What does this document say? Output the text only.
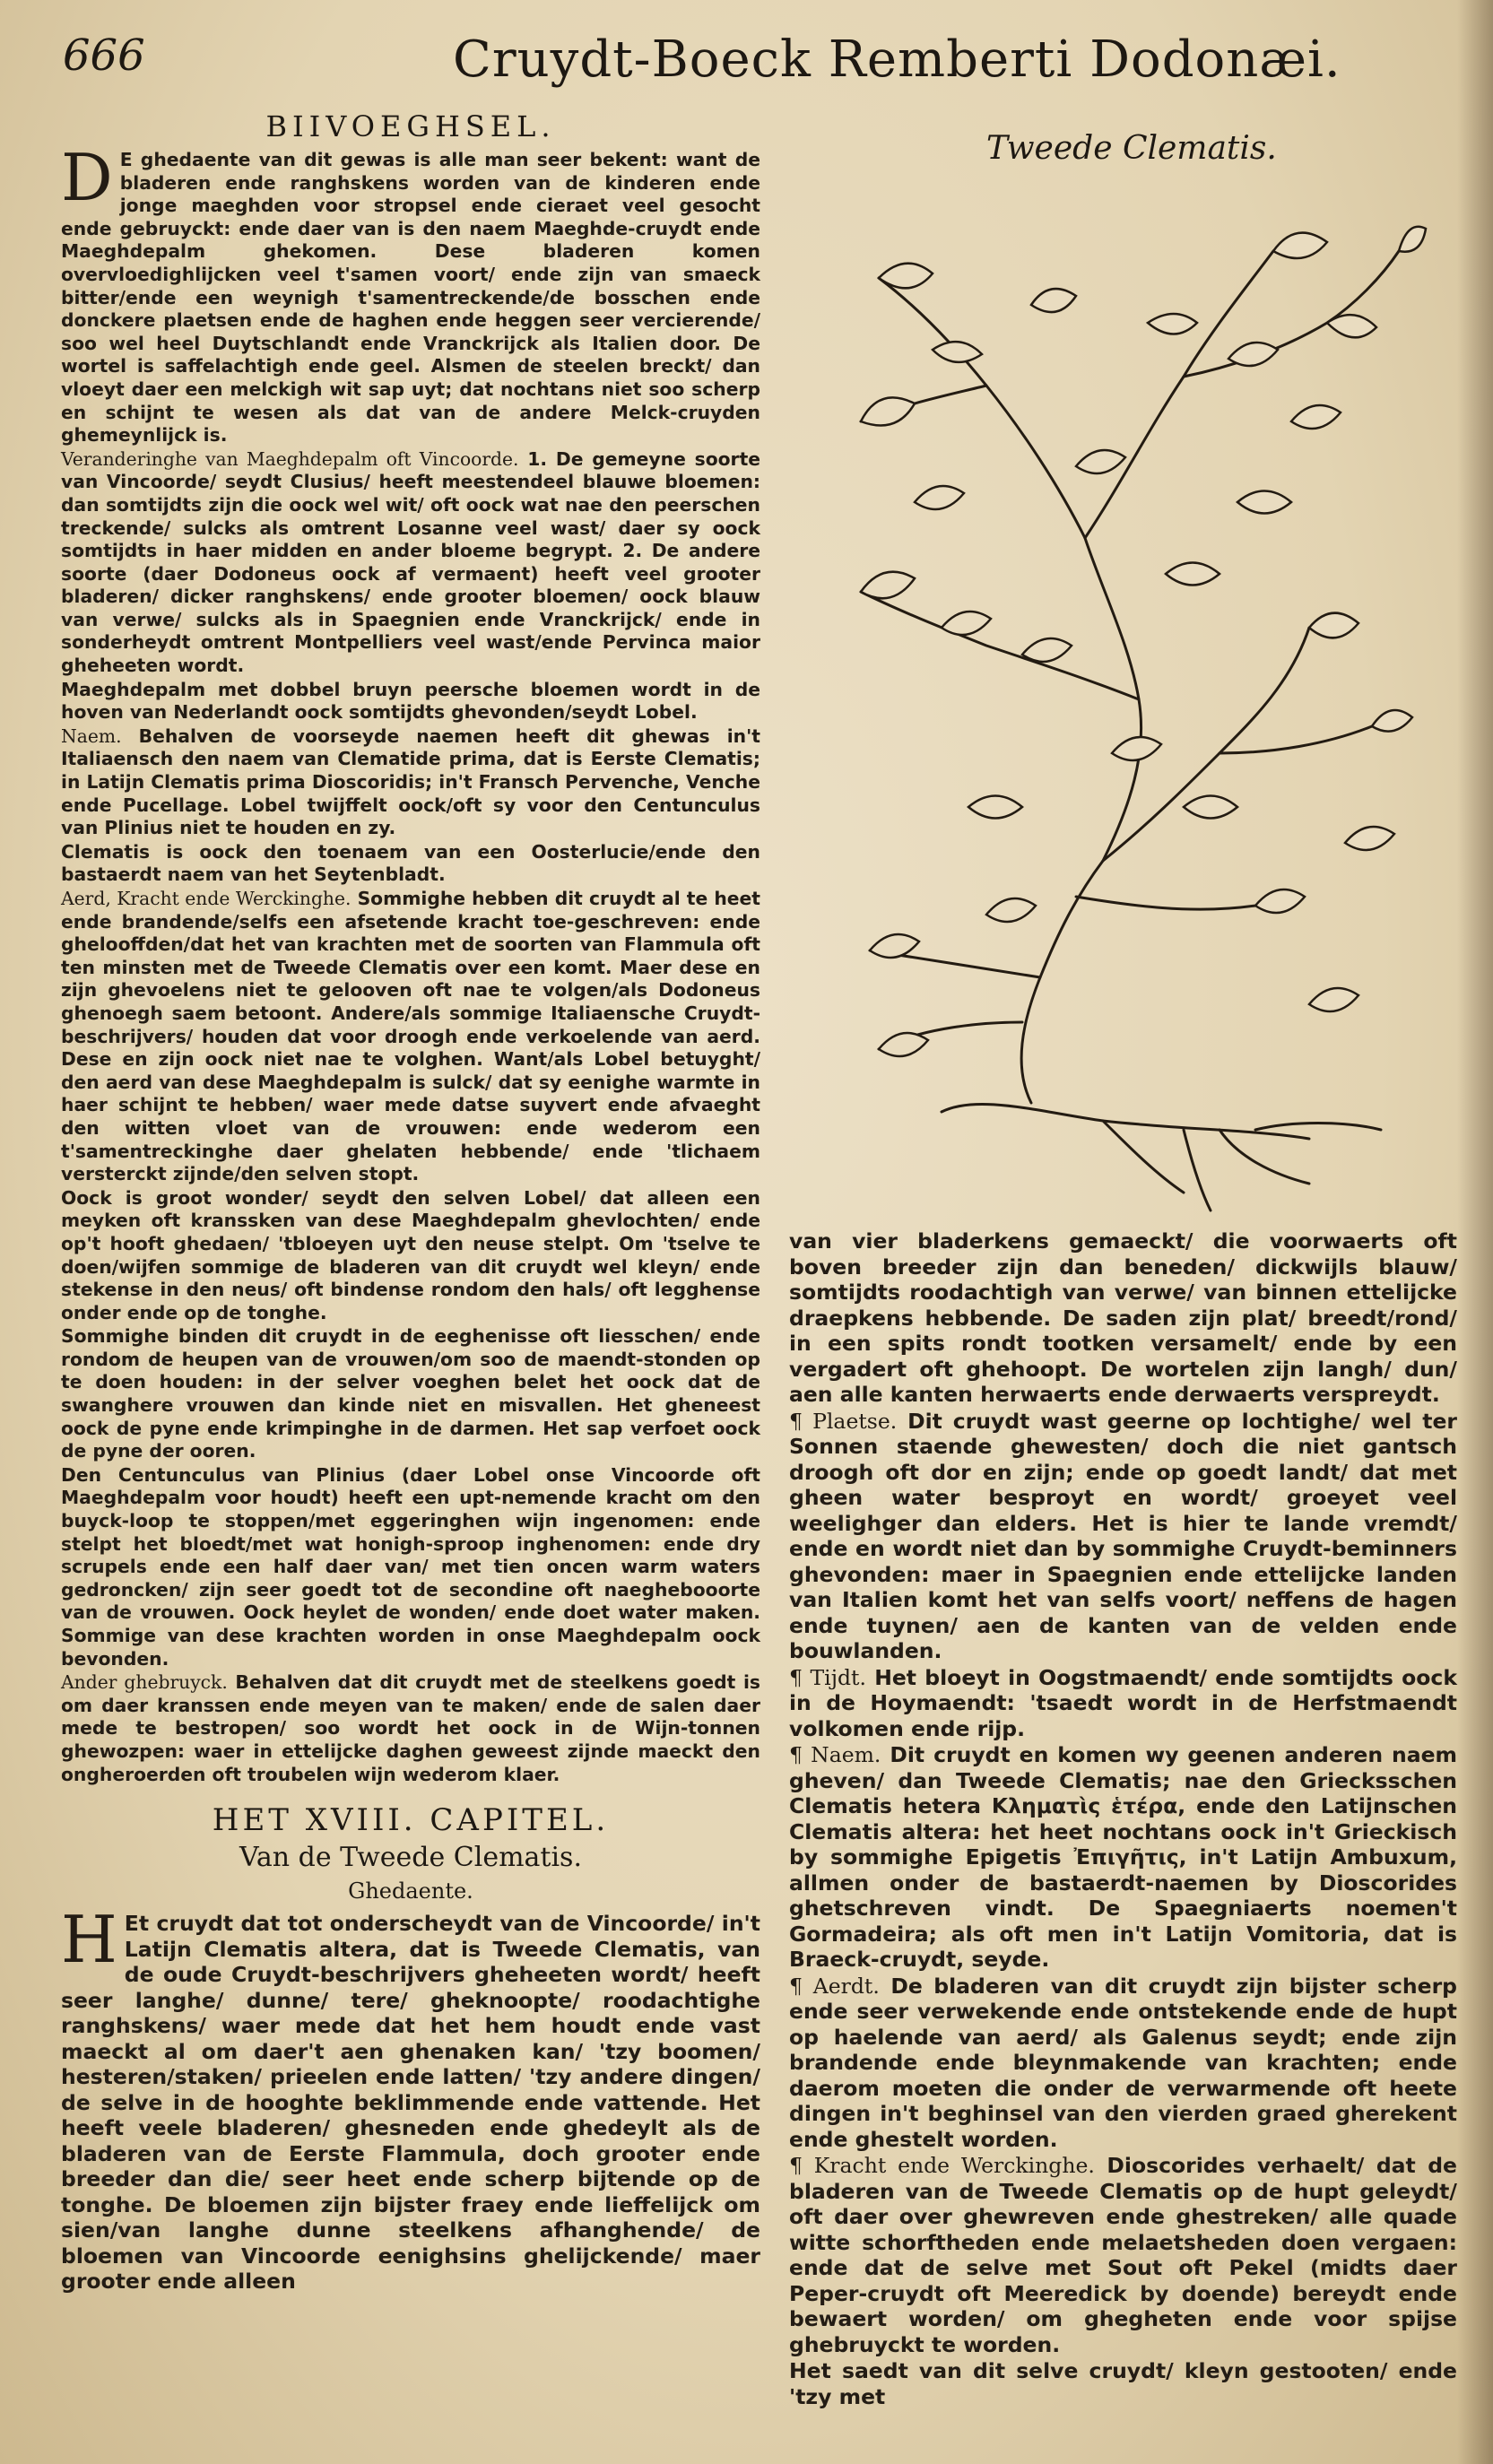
666	Cruydt-Boeck Remberti Dodonæi.
Tweede Clematis.
BIIVOEGHSEL.

D E ghedaente van dit gewas is alle man seer bekent: want de bladeren ende ranghskens worden van de kinderen ende jonge maeghden voor stropsel ende cieraet veel gesocht ende gebruyckt: ende daer van is den naem Maeghde-cruydt ende Maeghdepalm ghekomen. Dese bladeren komen overvloedighlijcken veel t'samen voort/ ende zijn van smaeck bitter/ende een weynigh t'samentreckende/de bosschen ende donckere plaetsen ende de haghen ende heggen seer vercierende/ soo wel heel Duytschlandt ende Vranckrijck als Italien door. De wortel is saffelachtigh ende geel. Alsmen de steelen breckt/ dan vloeyt daer een melckigh wit sap uyt; dat nochtans niet soo scherp en schijnt te wesen als dat van de andere Melck-cruyden ghemeynlijck is.

Veranderinghe van Maeghdepalm oft Vincoorde. 1. De gemeyne soorte van Vincoorde/ seydt Clusius/ heeft meestendeel blauwe bloemen: dan somtijdts zijn die oock wel wit/ oft oock wat nae den peerschen treckende/ sulcks als omtrent Losanne veel wast/ daer sy oock somtijdts in haer midden en ander bloeme begrypt. 2. De andere soorte (daer Dodoneus oock af vermaent) heeft veel grooter bladeren/ dicker ranghskens/ ende grooter bloemen/ oock blauw van verwe/ sulcks als in Spaegnien ende Vranckrijck/ ende in sonderheydt omtrent Montpelliers veel wast/ende Pervinca maior gheheeten wordt.

Maeghdepalm met dobbel bruyn peersche bloemen wordt in de hoven van Nederlandt oock somtijdts ghevonden/seydt Lobel.

Naem. Behalven de voorseyde naemen heeft dit ghewas in't Italiaensch den naem van Clematide prima, dat is Eerste Clematis; in Latijn Clematis prima Dioscoridis; in't Fransch Pervenche, Venche ende Pucellage. Lobel twijffelt oock/oft sy voor den Centunculus van Plinius niet te houden en zy.

Clematis is oock den toenaem van een Oosterlucie/ende den bastaerdt naem van het Seytenbladt.

Aerd, Kracht ende Werckinghe. Sommighe hebben dit cruydt al te heet ende brandende/selfs een afsetende kracht toe-geschreven: ende ghelooffden/dat het van krachten met de soorten van Flammula oft ten minsten met de Tweede Clematis over een komt. Maer dese en zijn ghevoelens niet te gelooven oft nae te volgen/als Dodoneus ghenoegh saem betoont. Andere/als sommige Italiaensche Cruydt-beschrijvers/ houden dat voor droogh ende verkoelende van aerd. Dese en zijn oock niet nae te volghen. Want/als Lobel betuyght/ den aerd van dese Maeghdepalm is sulck/ dat sy eenighe warmte in haer schijnt te hebben/ waer mede datse suyvert ende afvaeght den witten vloet van de vrouwen: ende wederom een t'samentreckinghe daer ghelaten hebbende/ ende 'tlichaem versterckt zijnde/den selven stopt.

Oock is groot wonder/ seydt den selven Lobel/ dat alleen een meyken oft kranssken van dese Maeghdepalm ghevlochten/ ende op't hooft ghedaen/ 'tbloeyen uyt den neuse stelpt. Om 'tselve te doen/wijfen sommige de bladeren van dit cruydt wel kleyn/ ende stekense in den neus/ oft bindense rondom den hals/ oft legghense onder ende op de tonghe.

Sommighe binden dit cruydt in de eeghenisse oft liesschen/ ende rondom de heupen van de vrouwen/om soo de maendt-stonden op te doen houden: in der selver voeghen belet het oock dat de swanghere vrouwen dan kinde niet en misvallen. Het gheneest oock de pyne ende krimpinghe in de darmen. Het sap verfoet oock de pyne der ooren.

Den Centunculus van Plinius (daer Lobel onse Vincoorde oft Maeghdepalm voor houdt) heeft een upt-nemende kracht om den buyck-loop te stoppen/met eggeringhen wijn ingenomen: ende stelpt het bloedt/met wat honigh-sproop inghenomen: ende dry scrupels ende een half daer van/ met tien oncen warm waters gedroncken/ zijn seer goedt tot de secondine oft naeghebooorte van de vrouwen. Oock heylet de wonden/ ende doet water maken. Sommige van dese krachten worden in onse Maeghdepalm oock bevonden.

Ander ghebruyck. Behalven dat dit cruydt met de steelkens goedt is om daer kranssen ende meyen van te maken/ ende de salen daer mede te bestropen/ soo wordt het oock in de Wijn-tonnen ghewozpen: waer in ettelijcke daghen geweest zijnde maeckt den ongheroerden oft troubelen wijn wederom klaer.

HET XVIII. CAPITEL.
Van de Tweede Clematis.
Ghedaente.

H Et cruydt dat tot onderscheydt van de Vincoorde/ in't Latijn Clematis altera, dat is Tweede Clematis, van de oude Cruydt-beschrijvers gheheeten wordt/ heeft seer langhe/ dunne/ tere/ gheknoopte/ roodachtighe ranghskens/ waer mede dat het hem houdt ende vast maeckt al om daer't aen ghenaken kan/ 'tzy boomen/ hesteren/staken/ prieelen ende latten/ 'tzy andere dingen/ de selve in de hooghte beklimmende ende vattende. Het heeft veele bladeren/ ghesneden ende ghedeylt als de bladeren van de Eerste Flammula, doch grooter ende breeder dan die/ seer heet ende scherp bijtende op de tonghe. De bloemen zijn bijster fraey ende lieffelijck om sien/van langhe dunne steelkens afhanghende/ de bloemen van Vincoorde eenighsins ghelijckende/ maer grooter ende alleen

van vier bladerkens gemaeckt/ die voorwaerts oft boven breeder zijn dan beneden/ dickwijls blauw/ somtijdts roodachtigh van verwe/ van binnen ettelijcke draepkens hebbende. De saden zijn plat/ breedt/rond/ in een spits rondt tootken versamelt/ ende by een vergadert oft ghehoopt. De wortelen zijn langh/ dun/ aen alle kanten herwaerts ende derwaerts verspreydt.

¶ Plaetse. Dit cruydt wast geerne op lochtighe/ wel ter Sonnen staende ghewesten/ doch die niet gantsch droogh oft dor en zijn; ende op goedt landt/ dat met gheen water besproyt en wordt/ groeyet veel weelighger dan elders. Het is hier te lande vremdt/ ende en wordt niet dan by sommighe Cruydt-beminners ghevonden: maer in Spaegnien ende ettelijcke landen van Italien komt het van selfs voort/ neffens de hagen ende tuynen/ aen de kanten van de velden ende bouwlanden.

¶ Tijdt. Het bloeyt in Oogstmaendt/ ende somtijdts oock in de Hoymaendt: 'tsaedt wordt in de Herfstmaendt volkomen ende rijp.

¶ Naem. Dit cruydt en komen wy geenen anderen naem gheven/ dan Tweede Clematis; nae den Griecksschen Clematis hetera Κληματὶς ἑτέρα, ende den Latijnschen Clematis altera: het heet nochtans oock in't Grieckisch by sommighe Epigetis Ἐπιγῆτις, in't Latijn Ambuxum, allmen onder de bastaerdt-naemen by Dioscorides ghetschreven vindt. De Spaegniaerts noemen't Gormadeira; als oft men in't Latijn Vomitoria, dat is Braeck-cruydt, seyde.

¶ Aerdt. De bladeren van dit cruydt zijn bijster scherp ende seer verwekende ende ontstekende ende de hupt op haelende van aerd/ als Galenus seydt; ende zijn brandende ende bleynmakende van krachten; ende daerom moeten die onder de verwarmende oft heete dingen in't beghinsel van den vierden graed gherekent ende ghestelt worden.

¶ Kracht ende Werckinghe. Dioscorides verhaelt/ dat de bladeren van de Tweede Clematis op de hupt geleydt/ oft daer over ghewreven ende ghestreken/ alle quade witte schorftheden ende melaetsheden doen vergaen: ende dat de selve met Sout oft Pekel (midts daer Peper-cruydt oft Meeredick by doende) bereydt ende bewaert worden/ om ghegheten ende voor spijse ghebruyckt te worden.

Het saedt van dit selve cruydt/ kleyn gestooten/ ende 'tzy met
